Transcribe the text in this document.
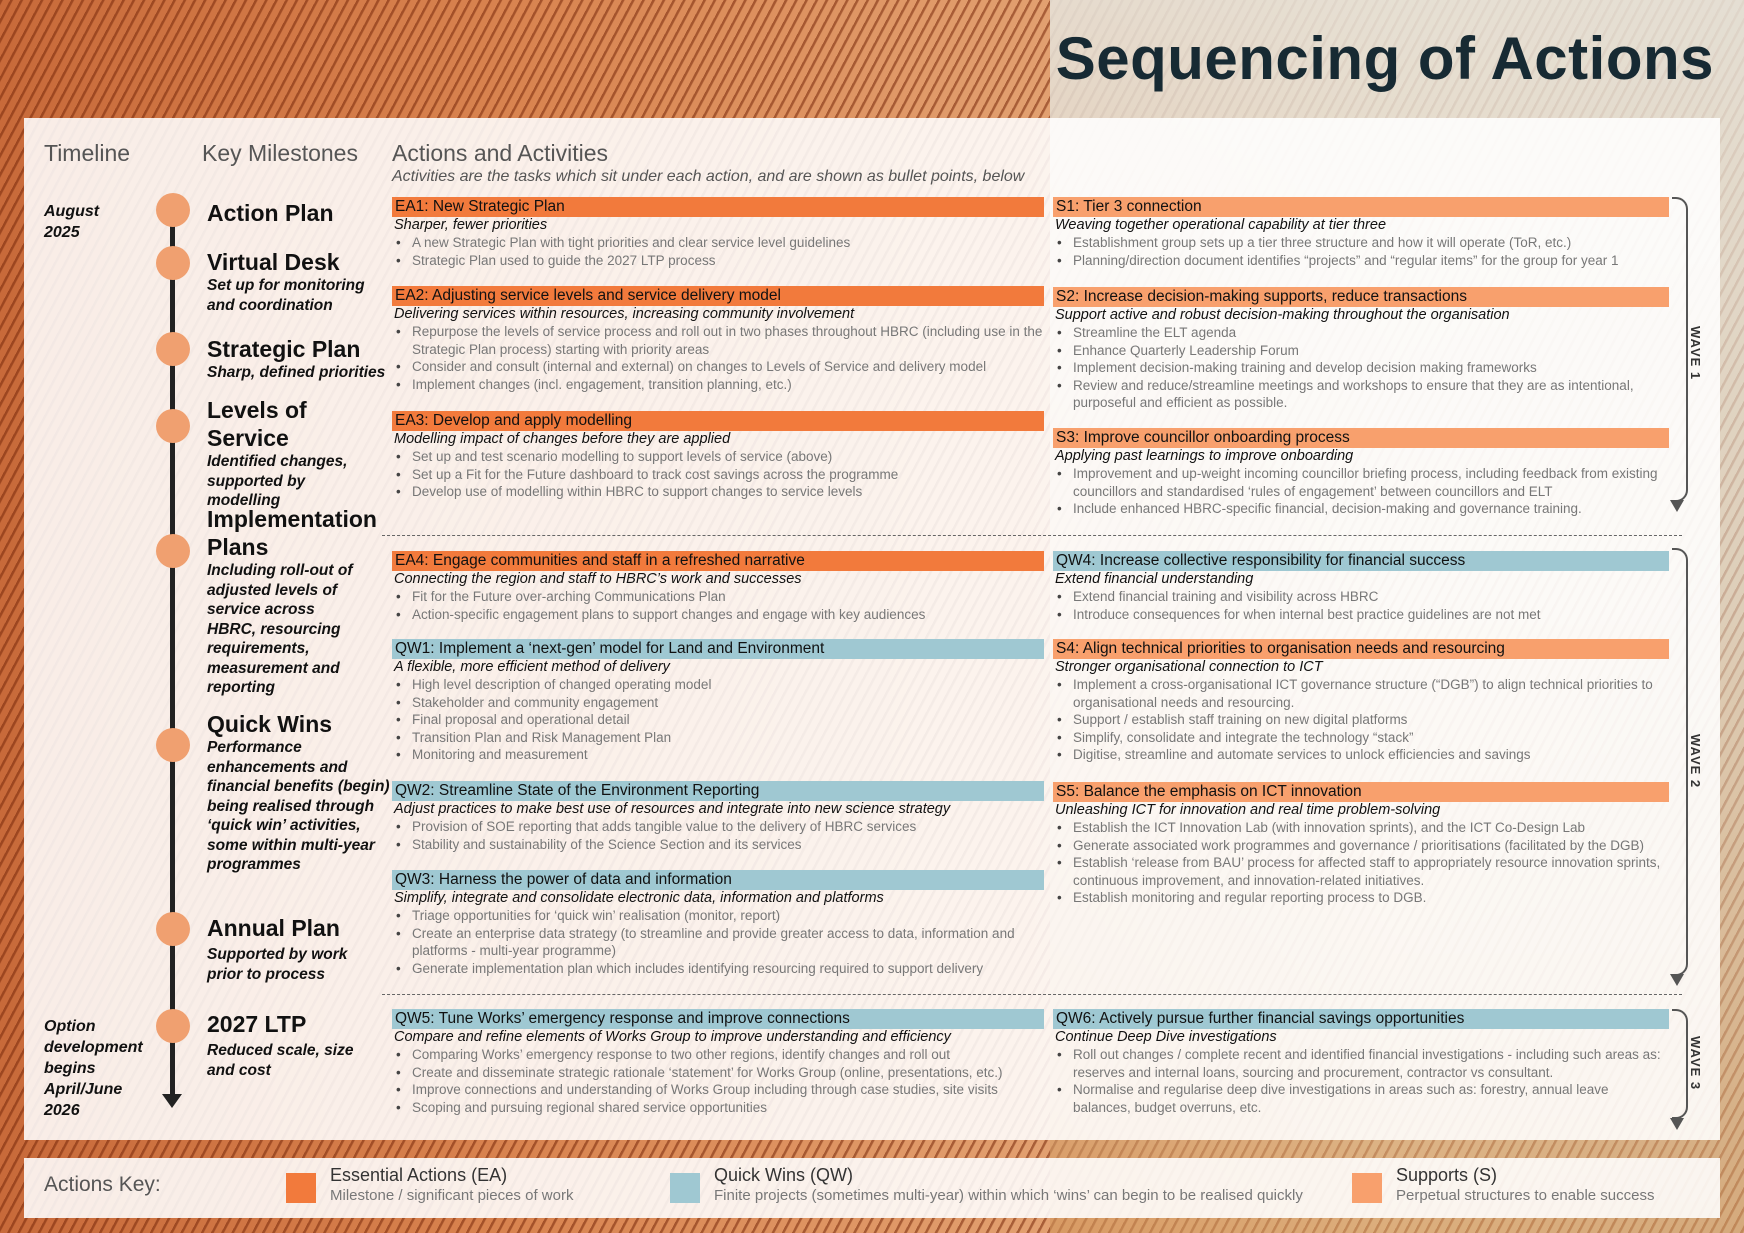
Sequencing of Actions
Timeline	Key Milestones Actions and Activities
Activities are the tasks which sit under each action, and are shown as bullet points, below
August
2025
Option
development
begins
April/June
2026
Action Plan
Virtual Desk
Set up for monitoring and coordination
Strategic Plan
Sharp, defined priorities
Levels of Service
Identified changes, supported by modelling
Implementation Plans
Including roll-out of adjusted levels of service across HBRC, resourcing requirements, measurement and reporting
Quick Wins
Performance enhancements and financial benefits (begin) being realised through ‘quick win’ activities, some within multi-year programmes
Annual Plan
Supported by work prior to process
2027 LTP
Reduced scale, size and cost
EA1: New Strategic Plan
Sharper, fewer priorities
• A new Strategic Plan with tight priorities and clear service level guidelines
• Strategic Plan used to guide the 2027 LTP process
S1: Tier 3 connection
Weaving together operational capability at tier three
• Establishment group sets up a tier three structure and how it will operate (ToR, etc.)
• Planning/direction document identifies “projects” and “regular items” for the group for year 1
EA2: Adjusting service levels and service delivery model
Delivering services within resources, increasing community involvement
• Repurpose the levels of service process and roll out in two phases throughout HBRC (including use in the Strategic Plan process) starting with priority areas
• Consider and consult (internal and external) on changes to Levels of Service and delivery model
• Implement changes (incl. engagement, transition planning, etc.)
S2: Increase decision-making supports, reduce transactions
Support active and robust decision-making throughout the organisation
• Streamline the ELT agenda
• Enhance Quarterly Leadership Forum
• Implement decision-making training and develop decision making frameworks
• Review and reduce/streamline meetings and workshops to ensure that they are as intentional, purposeful and efficient as possible.
EA3: Develop and apply modelling
Modelling impact of changes before they are applied
• Set up and test scenario modelling to support levels of service (above)
• Set up a Fit for the Future dashboard to track cost savings across the programme
• Develop use of modelling within HBRC to support changes to service levels
S3: Improve councillor onboarding process
Applying past learnings to improve onboarding
• Improvement and up-weight incoming councillor briefing process, including feedback from existing councillors and standardised ‘rules of engagement’ between councillors and ELT
• Include enhanced HBRC-specific financial, decision-making and governance training.
EA4: Engage communities and staff in a refreshed narrative
Connecting the region and staff to HBRC’s work and successes
• Fit for the Future over-arching Communications Plan
• Action-specific engagement plans to support changes and engage with key audiences
QW4: Increase collective responsibility for financial success
Extend financial understanding
• Extend financial training and visibility across HBRC
• Introduce consequences for when internal best practice guidelines are not met
QW1: Implement a ‘next-gen’ model for Land and Environment
A flexible, more efficient method of delivery
• High level description of changed operating model
• Stakeholder and community engagement
• Final proposal and operational detail
• Transition Plan and Risk Management Plan
• Monitoring and measurement
S4: Align technical priorities to organisation needs and resourcing
Stronger organisational connection to ICT
• Implement a cross-organisational ICT governance structure (“DGB”) to align technical priorities to organisational needs and resourcing.
• Support / establish staff training on new digital platforms
• Simplify, consolidate and integrate the technology “stack”
• Digitise, streamline and automate services to unlock efficiencies and savings
QW2: Streamline State of the Environment Reporting
Adjust practices to make best use of resources and integrate into new science strategy
• Provision of SOE reporting that adds tangible value to the delivery of HBRC services
• Stability and sustainability of the Science Section and its services
S5: Balance the emphasis on ICT innovation
Unleashing ICT for innovation and real time problem-solving
• Establish the ICT Innovation Lab (with innovation sprints), and the ICT Co-Design Lab
• Generate associated work programmes and governance / prioritisations (facilitated by the DGB)
• Establish ‘release from BAU’ process for affected staff to appropriately resource innovation sprints, continuous improvement, and innovation-related initiatives.
• Establish monitoring and regular reporting process to DGB.
QW3: Harness the power of data and information
Simplify, integrate and consolidate electronic data, information and platforms
• Triage opportunities for ‘quick win’ realisation (monitor, report)
• Create an enterprise data strategy (to streamline and provide greater access to data, information and platforms - multi-year programme)
• Generate implementation plan which includes identifying resourcing required to support delivery
QW5: Tune Works’ emergency response and improve connections
Compare and refine elements of Works Group to improve understanding and efficiency
• Comparing Works’ emergency response to two other regions, identify changes and roll out
• Create and disseminate strategic rationale ‘statement’ for Works Group (online, presentations, etc.)
• Improve connections and understanding of Works Group including through case studies, site visits
• Scoping and pursuing regional shared service opportunities
QW6: Actively pursue further financial savings opportunities
Continue Deep Dive investigations
• Roll out changes / complete recent and identified financial investigations - including such areas as: reserves and internal loans, sourcing and procurement, contractor vs consultant.
• Normalise and regularise deep dive investigations in areas such as: forestry, annual leave balances, budget overruns, etc.
WAVE 1
WAVE 2
WAVE 3
Actions Key:	Essential Actions (EA)
Milestone / significant pieces of work
Quick Wins (QW)
Finite projects (sometimes multi-year) within which ‘wins’ can begin to be realised quickly
Supports (S)
Perpetual structures to enable success
